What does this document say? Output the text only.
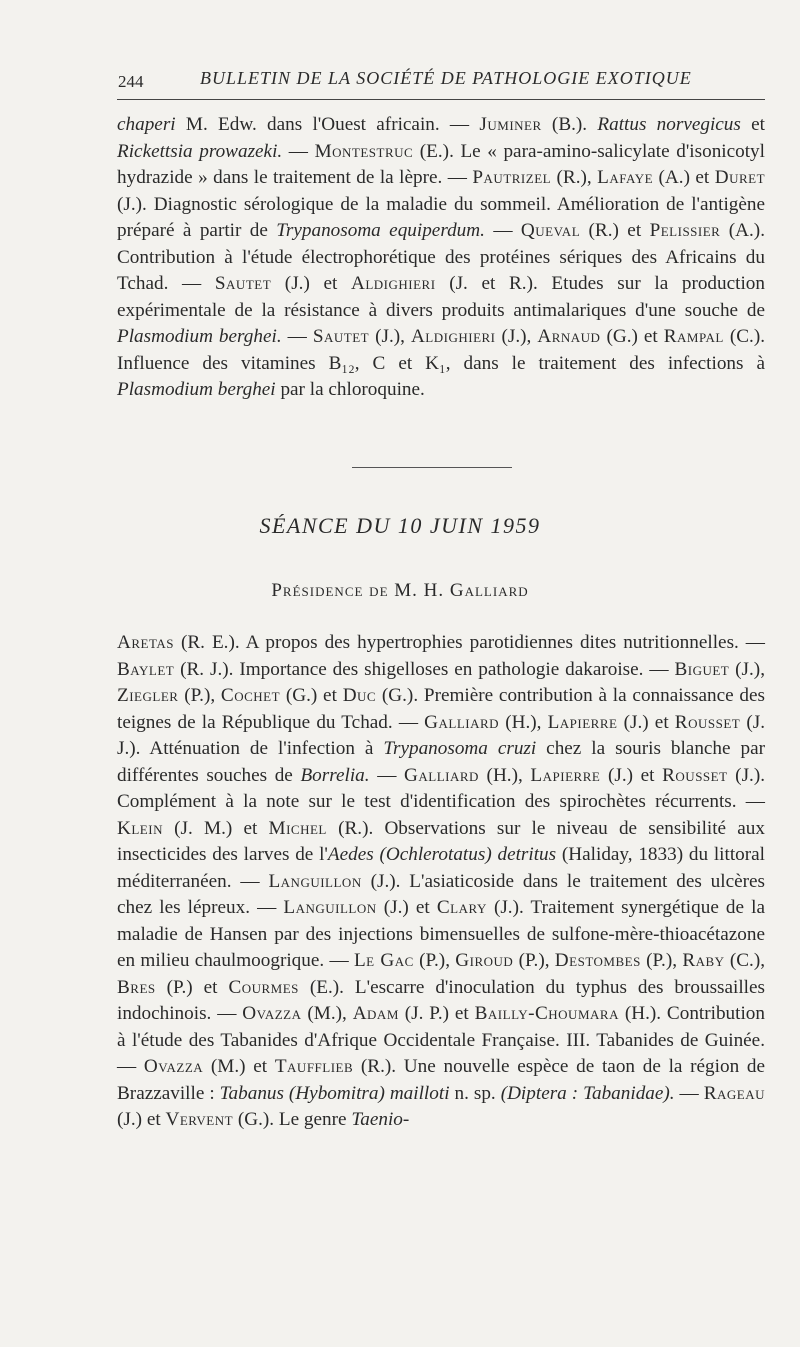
244	BULLETIN DE LA SOCIÉTÉ DE PATHOLOGIE EXOTIQUE

chaperi M. Edw. dans l'Ouest africain. — Juminer (B.). Rattus norvegicus et Rickettsia prowazeki. — Montestruc (E.). Le « para-amino-salicylate d'isonicotyl hydrazide » dans le traitement de la lèpre. — Pautrizel (R.), Lafaye (A.) et Duret (J.). Diagnostic sérologique de la maladie du sommeil. Amélioration de l'antigène préparé à partir de Trypanosoma equiperdum. — Queval (R.) et Pelissier (A.). Contribution à l'étude électrophorétique des protéines sériques des Africains du Tchad. — Sautet (J.) et Aldighieri (J. et R.). Etudes sur la production expérimentale de la résistance à divers produits antimalariques d'une souche de Plasmodium berghei. — Sautet (J.), Aldighieri (J.), Arnaud (G.) et Rampal (C.). Influence des vitamines B₁₂, C et K₁, dans le traitement des infections à Plasmodium berghei par la chloroquine.

SÉANCE DU 10 JUIN 1959
Présidence de M. H. Galliard

Aretas (R. E.). A propos des hypertrophies parotidiennes dites nutritionnelles. — Baylet (R. J.). Importance des shigelloses en pathologie dakaroise. — Biguet (J.), Ziegler (P.), Cochet (G.) et Duc (G.). Première contribution à la connaissance des teignes de la République du Tchad. — Galliard (H.), Lapierre (J.) et Rousset (J. J.). Atténuation de l'infection à Trypanosoma cruzi chez la souris blanche par différentes souches de Borrelia. — Galliard (H.), Lapierre (J.) et Rousset (J.). Complément à la note sur le test d'identification des spirochètes récurrents. — Klein (J. M.) et Michel (R.). Observations sur le niveau de sensibilité aux insecticides des larves de l'Aedes (Ochlerotatus) detritus (Haliday, 1833) du littoral méditerranéen. — Languillon (J.). L'asiaticoside dans le traitement des ulcères chez les lépreux. — Languillon (J.) et Clary (J.). Traitement synergétique de la maladie de Hansen par des injections bimensuelles de sulfone-mère-thioacétazone en milieu chaulmoogrique. — Le Gac (P.), Giroud (P.), Destombes (P.), Raby (C.), Bres (P.) et Courmes (E.). L'escarre d'inoculation du typhus des broussailles indochinois. — Ovazza (M.), Adam (J. P.) et Bailly-Choumara (H.). Contribution à l'étude des Tabanides d'Afrique Occidentale Française. III. Tabanides de Guinée. — Ovazza (M.) et Taufflieb (R.). Une nouvelle espèce de taon de la région de Brazzaville : Tabanus (Hybomitra) mailloti n. sp. (Diptera : Tabanidae). — Rageau (J.) et Vervent (G.). Le genre Taenio-
